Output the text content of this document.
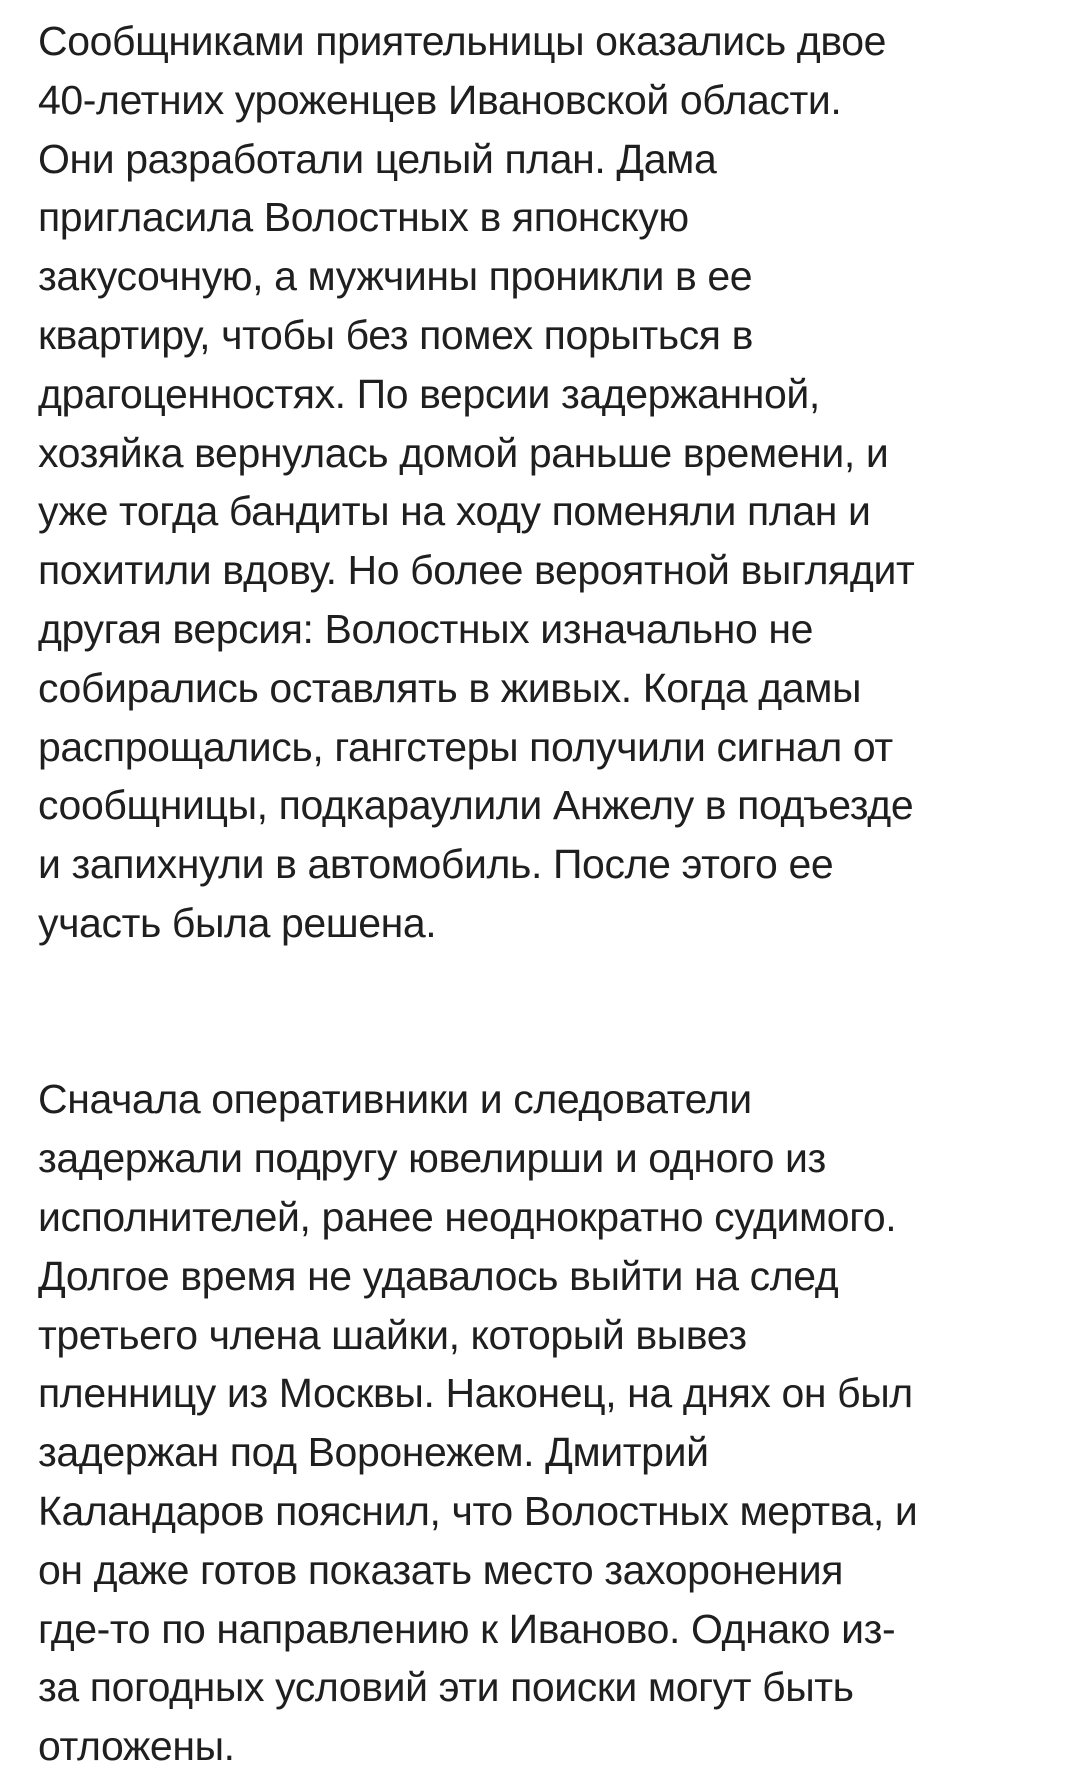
Сообщниками приятельницы оказались двое
40-летних уроженцев Ивановской области.
Они разработали целый план. Дама
пригласила Волостных в японскую
закусочную, а мужчины проникли в ее
квартиру, чтобы без помех порыться в
драгоценностях. По версии задержанной,
хозяйка вернулась домой раньше времени, и
уже тогда бандиты на ходу поменяли план и
похитили вдову. Но более вероятной выглядит
другая версия: Волостных изначально не
собирались оставлять в живых. Когда дамы
распрощались, гангстеры получили сигнал от
сообщницы, подкараулили Анжелу в подъезде
и запихнули в автомобиль. После этого ее
участь была решена.
Сначала оперативники и следователи
задержали подругу ювелирши и одного из
исполнителей, ранее неоднократно судимого.
Долгое время не удавалось выйти на след
третьего члена шайки, который вывез
пленницу из Москвы. Наконец, на днях он был
задержан под Воронежем. Дмитрий
Каландаров пояснил, что Волостных мертва, и
он даже готов показать место захоронения
где-то по направлению к Иваново. Однако из-
за погодных условий эти поиски могут быть
отложены.
